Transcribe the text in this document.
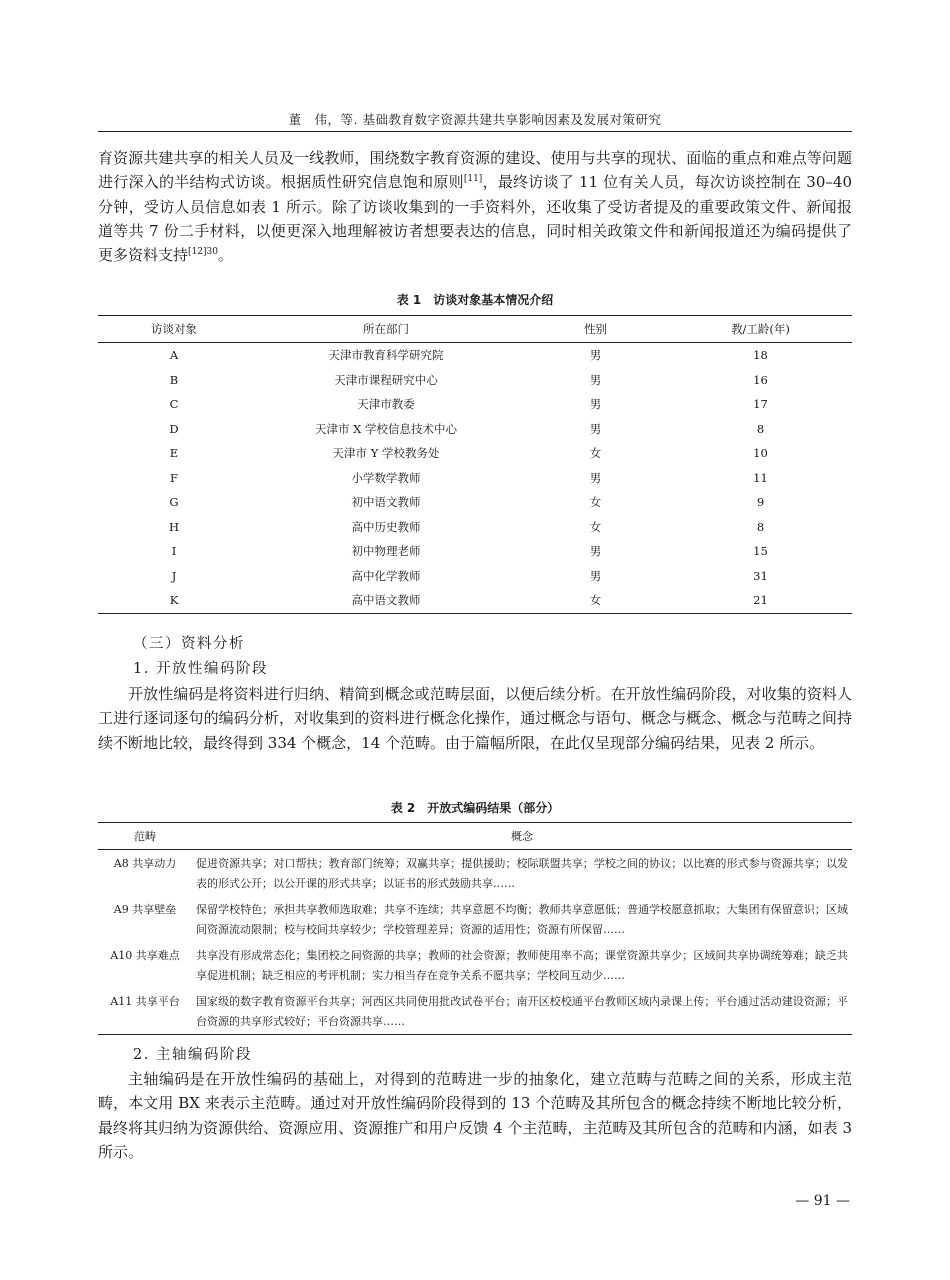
董　伟，等. 基础教育数字资源共建共享影响因素及发展对策研究

育资源共建共享的相关人员及一线教师，围绕数字教育资源的建设、使用与共享的现状、面临的重点和难点等问题进行深入的半结构式访谈。根据质性研究信息饱和原则[11]，最终访谈了 11 位有关人员，每次访谈控制在 30–40 分钟，受访人员信息如表 1 所示。除了访谈收集到的一手资料外，还收集了受访者提及的重要政策文件、新闻报道等共 7 份二手材料，以便更深入地理解被访者想要表达的信息，同时相关政策文件和新闻报道还为编码提供了更多资料支持$^{[12]30}$。

表 1　访谈对象基本情况介绍
访谈对象	所在部门	性别	教/工龄(年)
A	天津市教育科学研究院	男	18
B	天津市课程研究中心	男	16
C	天津市教委	男	17
D	天津市 X 学校信息技术中心	男	8
E	天津市 Y 学校教务处	女	10
F	小学数学教师	男	11
G	初中语文教师	女	9
H	高中历史教师	女	8
I	初中物理老师	男	15
J	高中化学教师	男	31
K	高中语文教师	女	21
（三）资料分析
1. 开放性编码阶段

开放性编码是将资料进行归纳、精简到概念或范畴层面，以便后续分析。在开放性编码阶段，对收集的资料人工进行逐词逐句的编码分析，对收集到的资料进行概念化操作，通过概念与语句、概念与概念、概念与范畴之间持续不断地比较，最终得到 334 个概念，14 个范畴。由于篇幅所限，在此仅呈现部分编码结果，见表 2 所示。

表 2　开放式编码结果（部分）
范畴	概念
A8 共享动力	促进资源共享；对口帮扶；教育部门统筹；双赢共享；提供援助；校际联盟共享；学校之间的协议；以比赛的形式参与资源共享；以发表的形式公开；以公开课的形式共享；以证书的形式鼓励共享……
A9 共享壁垒	保留学校特色；承担共享教师选取难；共享不连续；共享意愿不均衡；教师共享意愿低；普通学校愿意抓取；大集团有保留意识；区域间资源流动限制；校与校间共享较少；学校管理差异；资源的适用性；资源有所保留……
A10 共享难点	共享没有形成常态化；集团校之间资源的共享；教师的社会资源；教师使用率不高；课堂资源共享少；区域间共享协调统筹难；缺乏共享促进机制；缺乏相应的考评机制；实力相当存在竞争关系不愿共享；学校间互动少……
A11 共享平台	国家级的数字教育资源平台共享；河西区共同使用批改试卷平台；南开区校校通平台教师区域内录课上传；平台通过活动建设资源；平台资源的共享形式较好；平台资源共享……
2. 主轴编码阶段

主轴编码是在开放性编码的基础上，对得到的范畴进一步的抽象化，建立范畴与范畴之间的关系，形成主范畴，本文用 BX 来表示主范畴。通过对开放性编码阶段得到的 13 个范畴及其所包含的概念持续不断地比较分析，最终将其归纳为资源供给、资源应用、资源推广和用户反馈 4 个主范畴，主范畴及其所包含的范畴和内涵，如表 3 所示。

— 91 —
